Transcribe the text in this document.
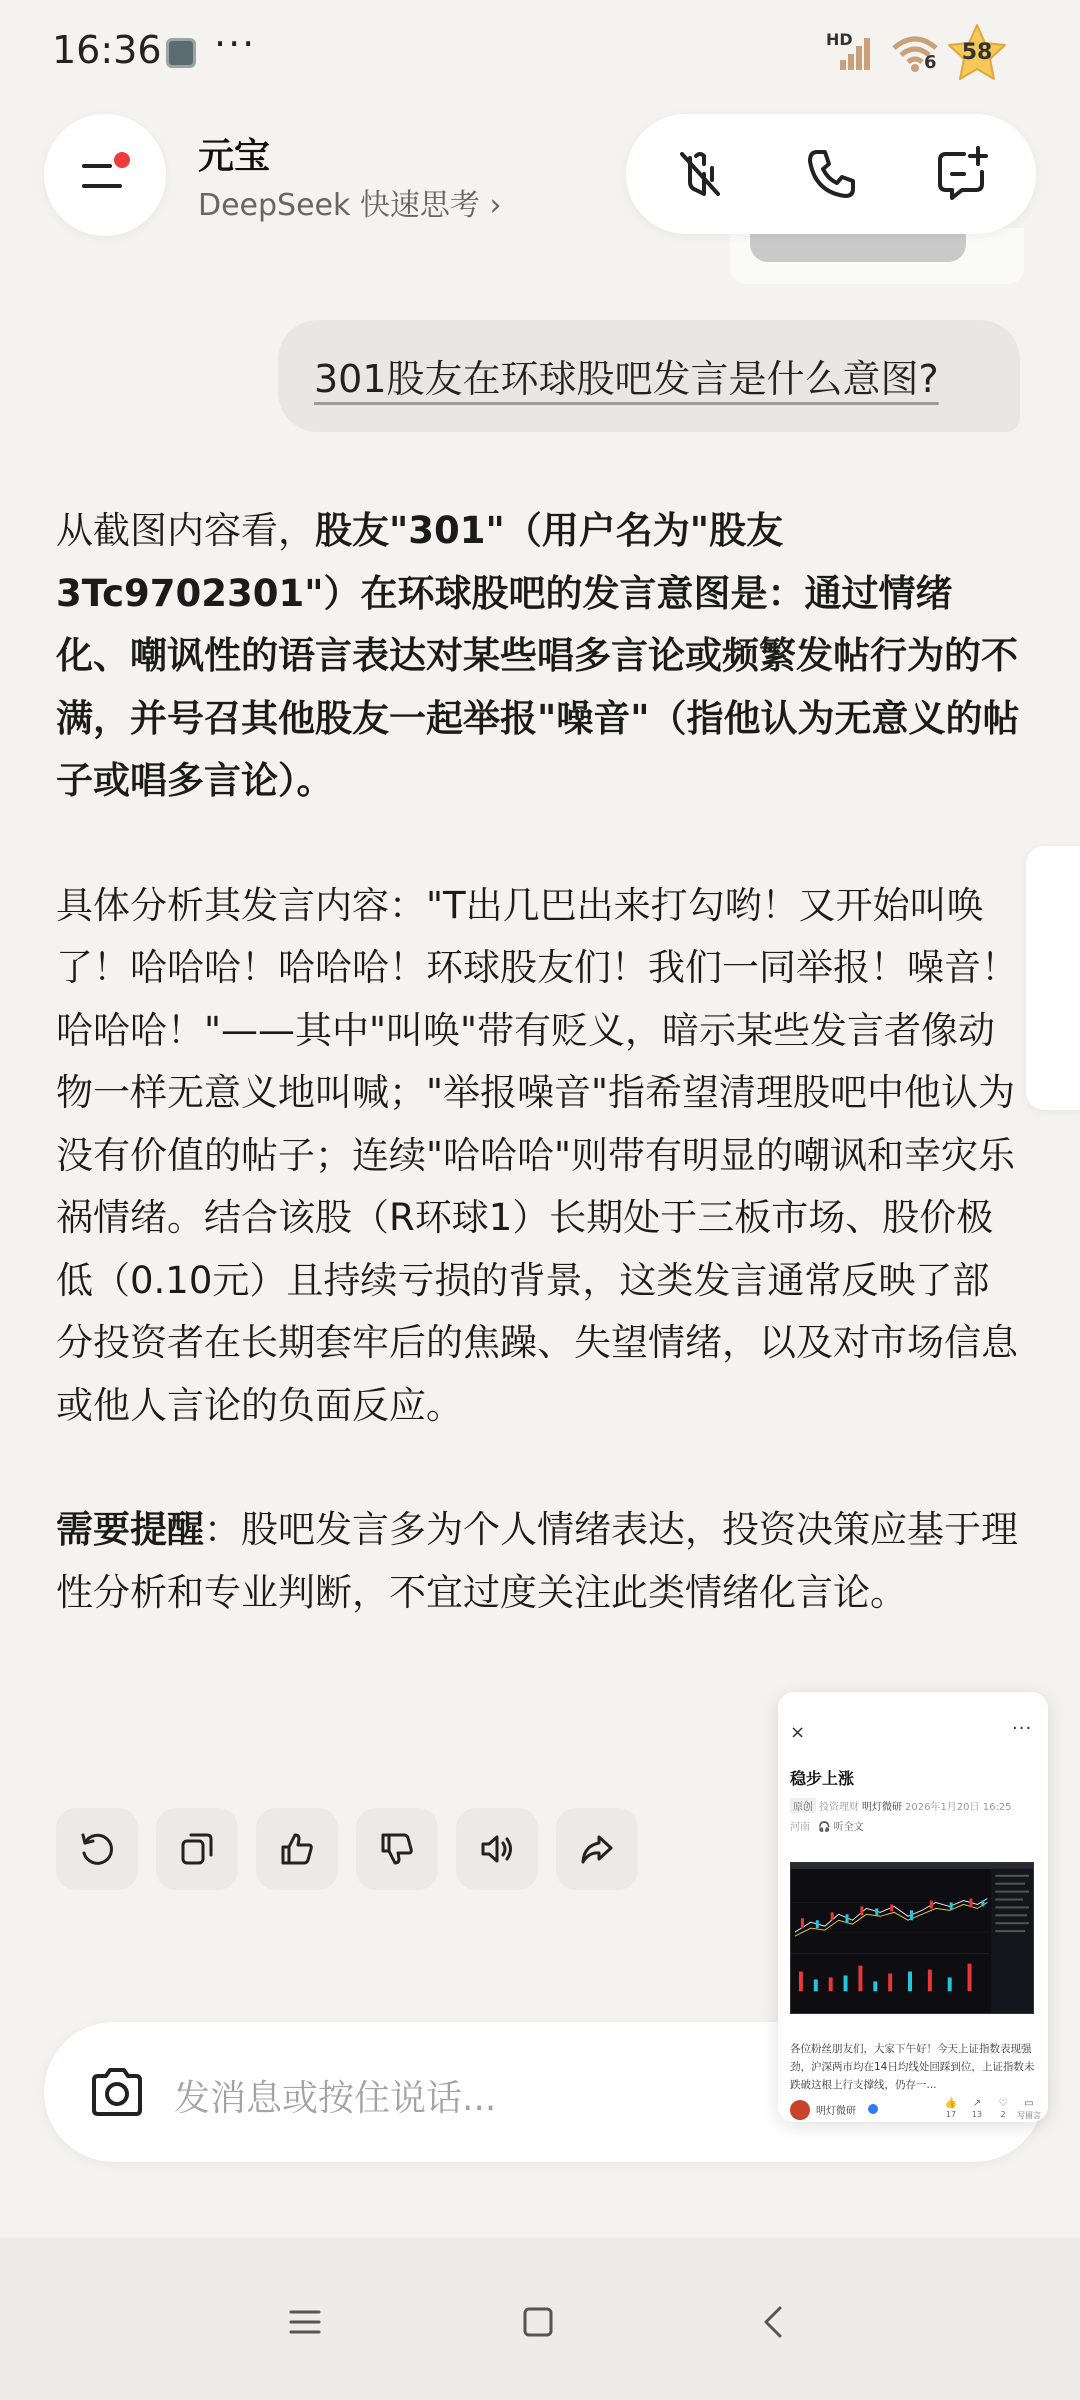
16:36 ···	HD
6	58
元宝
DeepSeek 快速思考 ›
301股友在环球股吧发言是什么意图?

从截图内容看，股友"301"（用户名为"股友3Tc9702301"）在环球股吧的发言意图是：通过情绪化、嘲讽性的语言表达对某些唱多言论或频繁发帖行为的不满，并号召其他股友一起举报"噪音"（指他认为无意义的帖子或唱多言论）。

具体分析其发言内容："T出几巴出来打勾哟！又开始叫唤了！哈哈哈！哈哈哈！环球股友们！我们一同举报！噪音！哈哈哈！"——其中"叫唤"带有贬义，暗示某些发言者像动物一样无意义地叫喊；"举报噪音"指希望清理股吧中他认为没有价值的帖子；连续"哈哈哈"则带有明显的嘲讽和幸灾乐祸情绪。结合该股（R环球1）长期处于三板市场、股价极低（0.10元）且持续亏损的背景，这类发言通常反映了部分投资者在长期套牢后的焦躁、失望情绪，以及对市场信息或他人言论的负面反应。

需要提醒：股吧发言多为个人情绪表达，投资决策应基于理性分析和专业判断，不宜过度关注此类情绪化言论。

发消息或按住说话...
×	···
稳步上涨
原创 投资理财 明灯微研 2026年1月20日 16:25
河南 🎧 听全文
各位粉丝朋友们，大家下午好！今天上证指数表现强劲，沪深两市均在14日均线处回踩到位，上证指数未跌破这根上行支撑线，仍存一...
明灯微研
👍
17
↗
13
♡
2
▭
写留言
